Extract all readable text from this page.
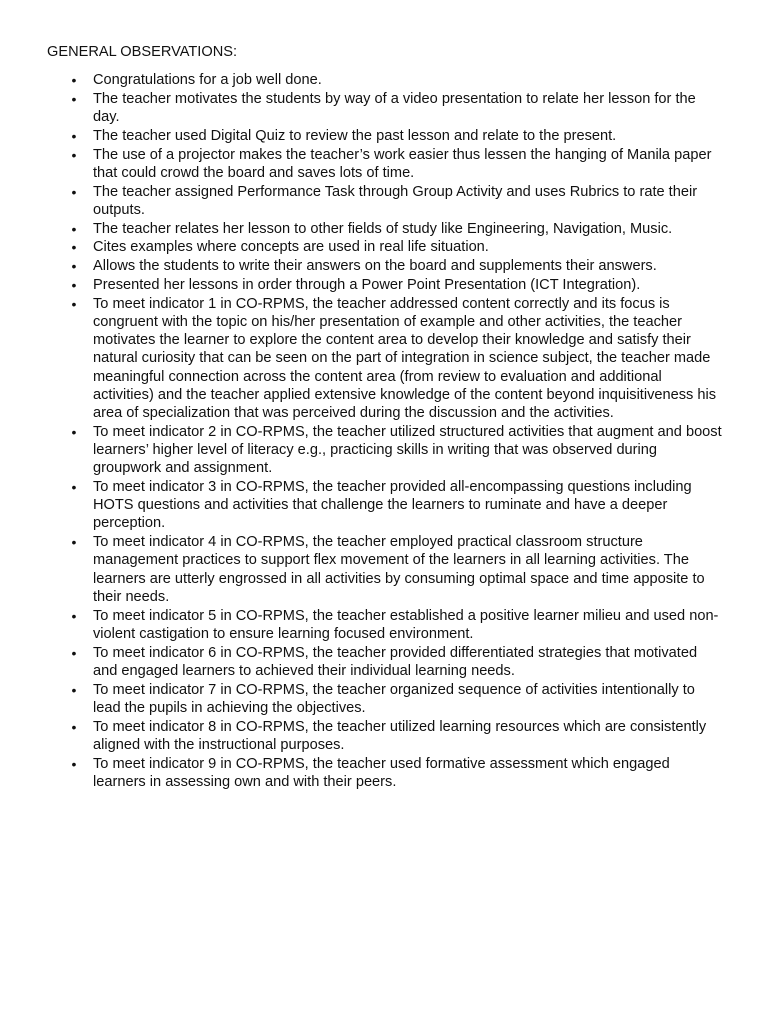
GENERAL OBSERVATIONS:
•
Congratulations for a job well done.
•
The teacher motivates the students by way of a video presentation to relate her lesson for the day.
•
The teacher used Digital Quiz to review the past lesson and relate to the present.
•
The use of a projector makes the teacher’s work easier thus lessen the hanging of Manila paper that could crowd the board and saves lots of time.
•
The teacher assigned Performance Task through Group Activity and uses Rubrics to rate their outputs.
•
The teacher relates her lesson to other fields of study like Engineering, Navigation, Music.
•
Cites examples where concepts are used in real life situation.
•
Allows the students to write their answers on the board and supplements their answers.
•
Presented her lessons in order through a Power Point Presentation (ICT Integration).
•
To meet indicator 1 in CO-RPMS, the teacher addressed content correctly and its focus is congruent with the topic on his/her presentation of example and other activities, the teacher motivates the learner to explore the content area to develop their knowledge and satisfy their natural curiosity that can be seen on the part of integration in science subject, the teacher made meaningful connection across the content area (from review to evaluation and additional activities) and the teacher applied extensive knowledge of the content beyond inquisitiveness his area of specialization that was perceived during the discussion and the activities.
•
To meet indicator 2 in CO-RPMS, the teacher utilized structured activities that augment and boost learners’ higher level of literacy e.g., practicing skills in writing that was observed during groupwork and assignment.
•
To meet indicator 3 in CO-RPMS, the teacher provided all-encompassing questions including HOTS questions and activities that challenge the learners to ruminate and have a deeper perception.
•
To meet indicator 4 in CO-RPMS, the teacher employed practical classroom structure management practices to support flex movement of the learners in all learning activities. The learners are utterly engrossed in all activities by consuming optimal space and time apposite to their needs.
•
To meet indicator 5 in CO-RPMS, the teacher established a positive learner milieu and used non-violent castigation to ensure learning focused environment.
•
To meet indicator 6 in CO-RPMS, the teacher provided differentiated strategies that motivated and engaged learners to achieved their individual learning needs.
•
To meet indicator 7 in CO-RPMS, the teacher organized sequence of activities intentionally to lead the pupils in achieving the objectives.
•
To meet indicator 8 in CO-RPMS, the teacher utilized learning resources which are consistently aligned with the instructional purposes.
•
To meet indicator 9 in CO-RPMS, the teacher used formative assessment which engaged learners in assessing own and with their peers.
